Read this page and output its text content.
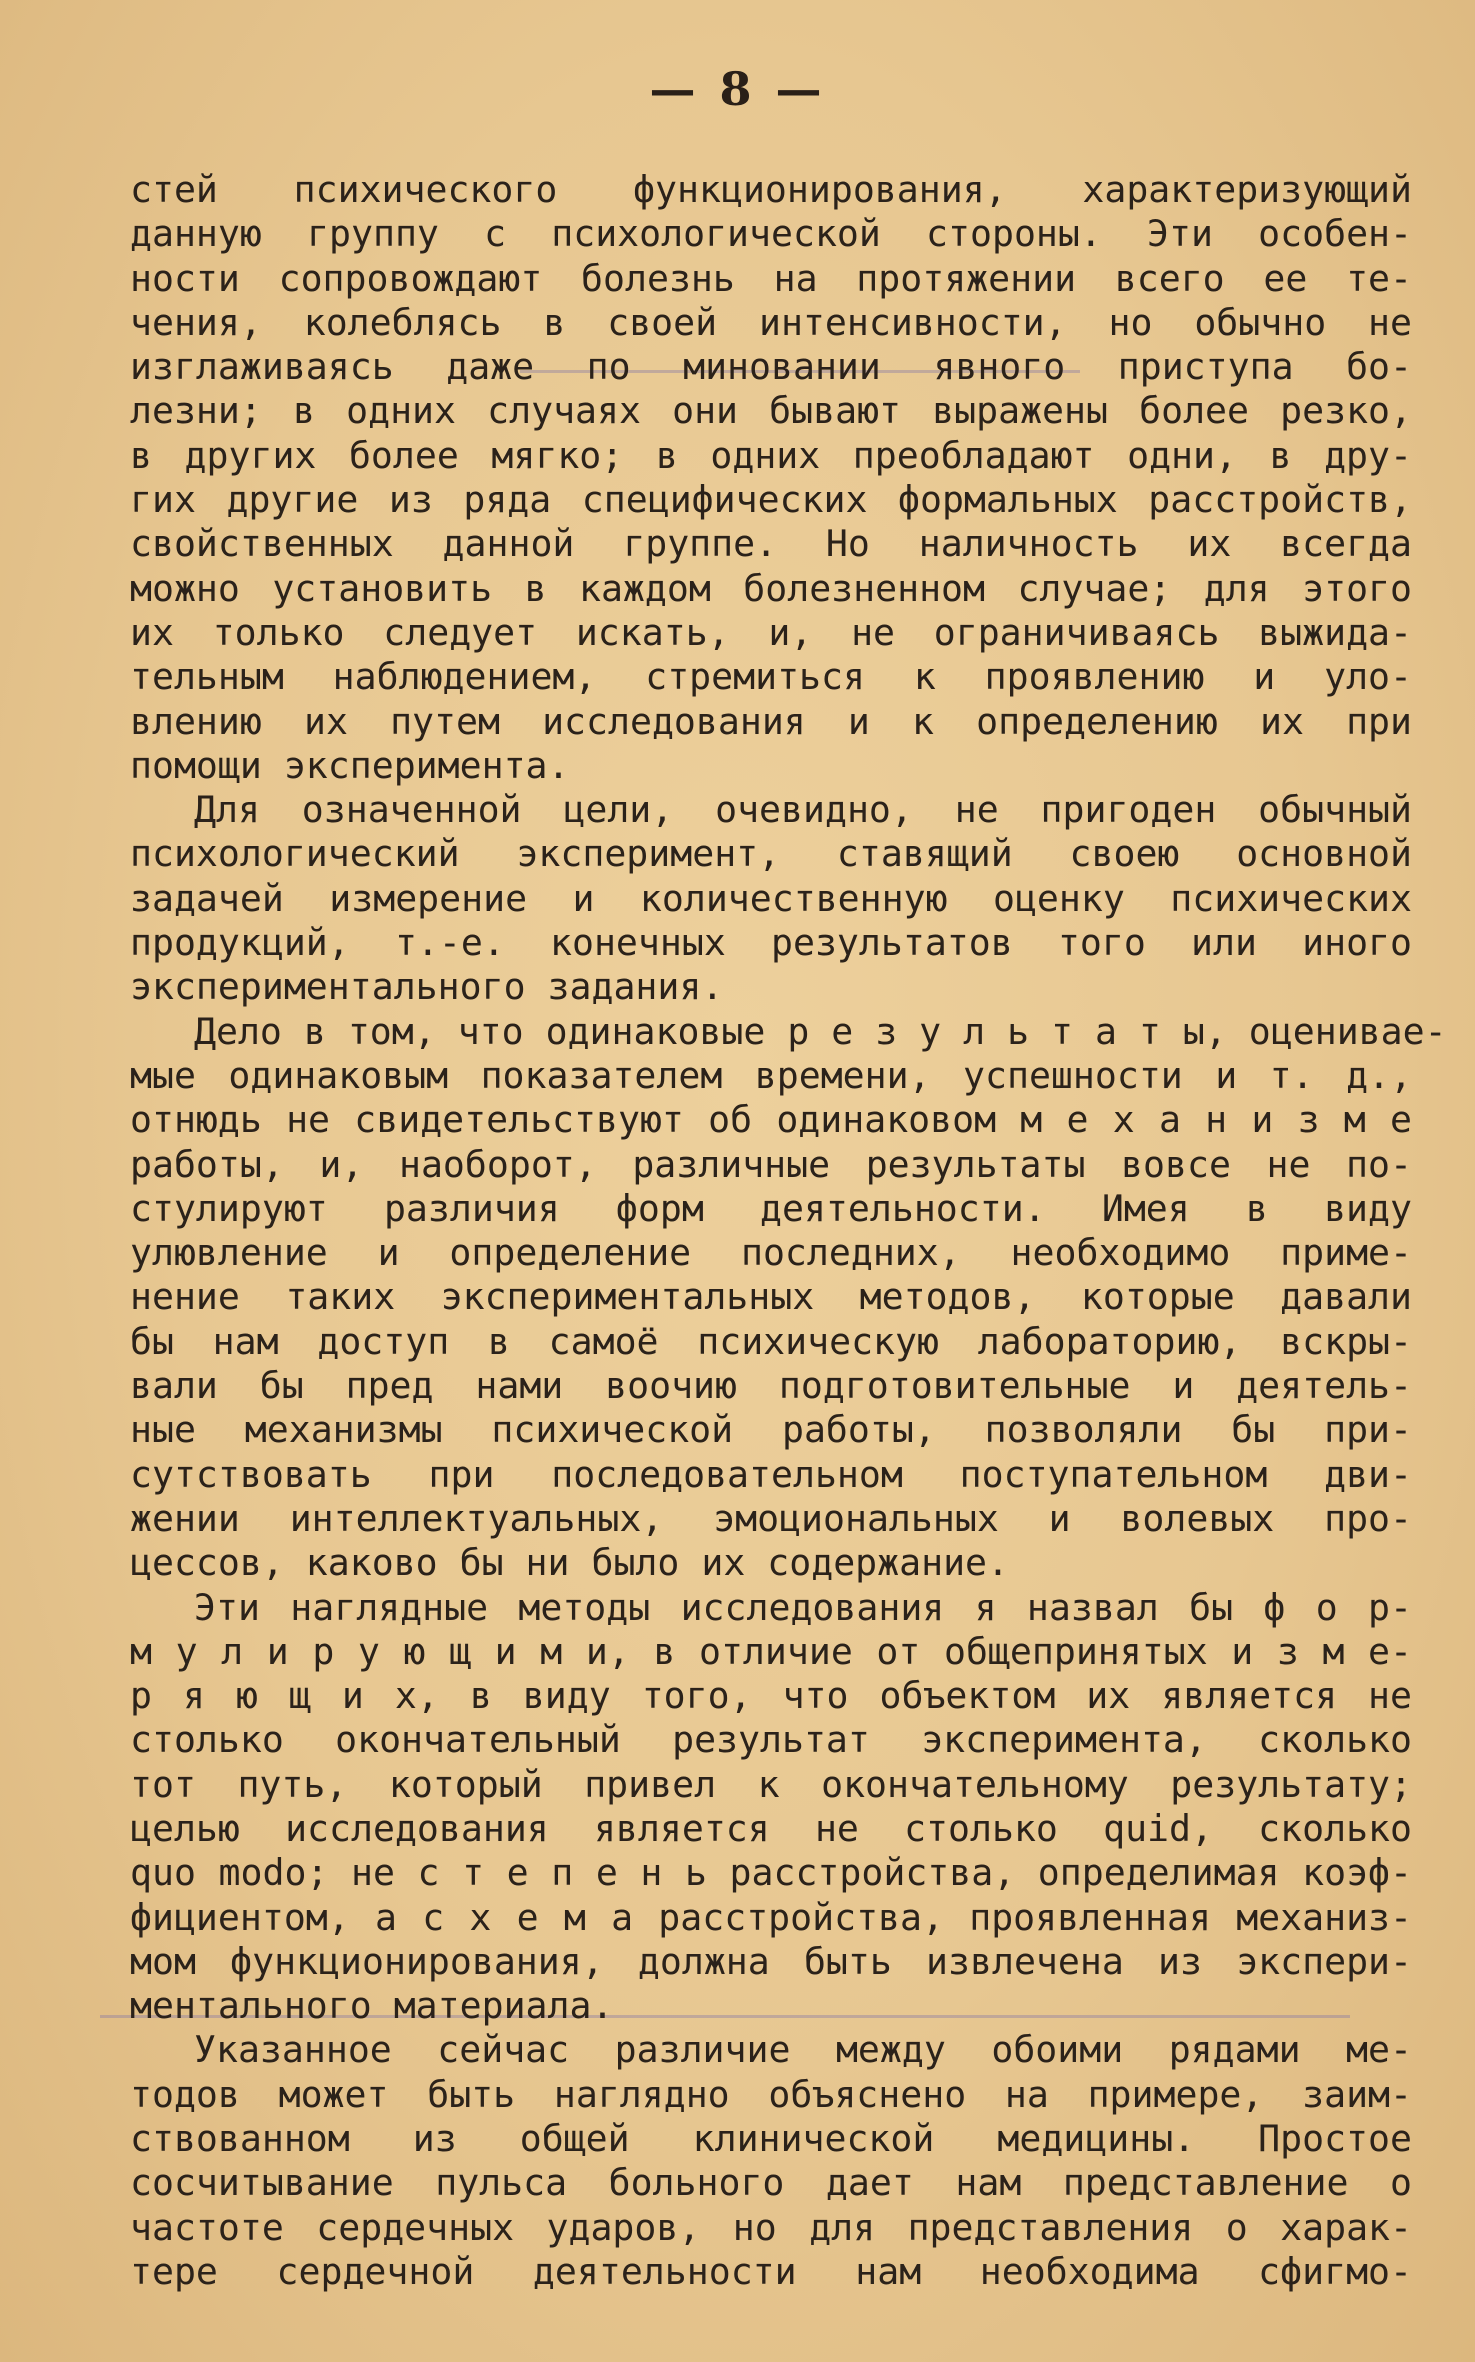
— 8 —
стей психического функционирования, характеризующий
данную группу с психологической стороны. Эти особен-
ности сопровождают болезнь на протяжении всего ее те-
чения, колеблясь в своей интенсивности, но обычно не
изглаживаясь даже по миновании явного приступа бо-
лезни; в одних случаях они бывают выражены более резко,
в других более мягко; в одних преобладают одни, в дру-
гих другие из ряда специфических формальных расстройств,
свойственных данной группе. Но наличность их всегда
можно установить в каждом болезненном случае; для этого
их только следует искать, и, не ограничиваясь выжида-
тельным наблюдением, стремиться к проявлению и уло-
влению их путем исследования и к определению их при
помощи эксперимента.
Для означенной цели, очевидно, не пригоден обычный
психологический эксперимент, ставящий своею основной
задачей измерение и количественную оценку психических
продукций, т.-е. конечных результатов того или иного
экспериментального задания.
Дело в том, что одинаковые р е з у л ь т а т ы, оценивае-
мые одинаковым показателем времени, успешности и т. д.,
отнюдь не свидетельствуют об одинаковом м е х а н и з м е
работы, и, наоборот, различные результаты вовсе не по-
стулируют различия форм деятельности. Имея в виду
улювление и определение последних, необходимо приме-
нение таких экспериментальных методов, которые давали
бы нам доступ в самоё психическую лабораторию, вскры-
вали бы пред нами воочию подготовительные и деятель-
ные механизмы психической работы, позволяли бы при-
сутствовать при последовательном поступательном дви-
жении интеллектуальных, эмоциональных и волевых про-
цессов, каково бы ни было их содержание.
Эти наглядные методы исследования я назвал бы ф о р-
м у л и р у ю щ и м и, в отличие от общепринятых и з м е-
р я ю щ и х, в виду того, что объектом их является не
столько окончательный результат эксперимента, сколько
тот путь, который привел к окончательному результату;
целью исследования является не столько quid, сколько
quo modo; не с т е п е н ь расстройства, определимая коэф-
фициентом, а с х е м а расстройства, проявленная механиз-
мом функционирования, должна быть извлечена из экспери-
ментального материала.
Указанное сейчас различие между обоими рядами ме-
тодов может быть наглядно объяснено на примере, заим-
ствованном из общей клинической медицины. Простое
сосчитывание пульса больного дает нам представление о
частоте сердечных ударов, но для представления о харак-
тере сердечной деятельности нам необходима сфигмо-
